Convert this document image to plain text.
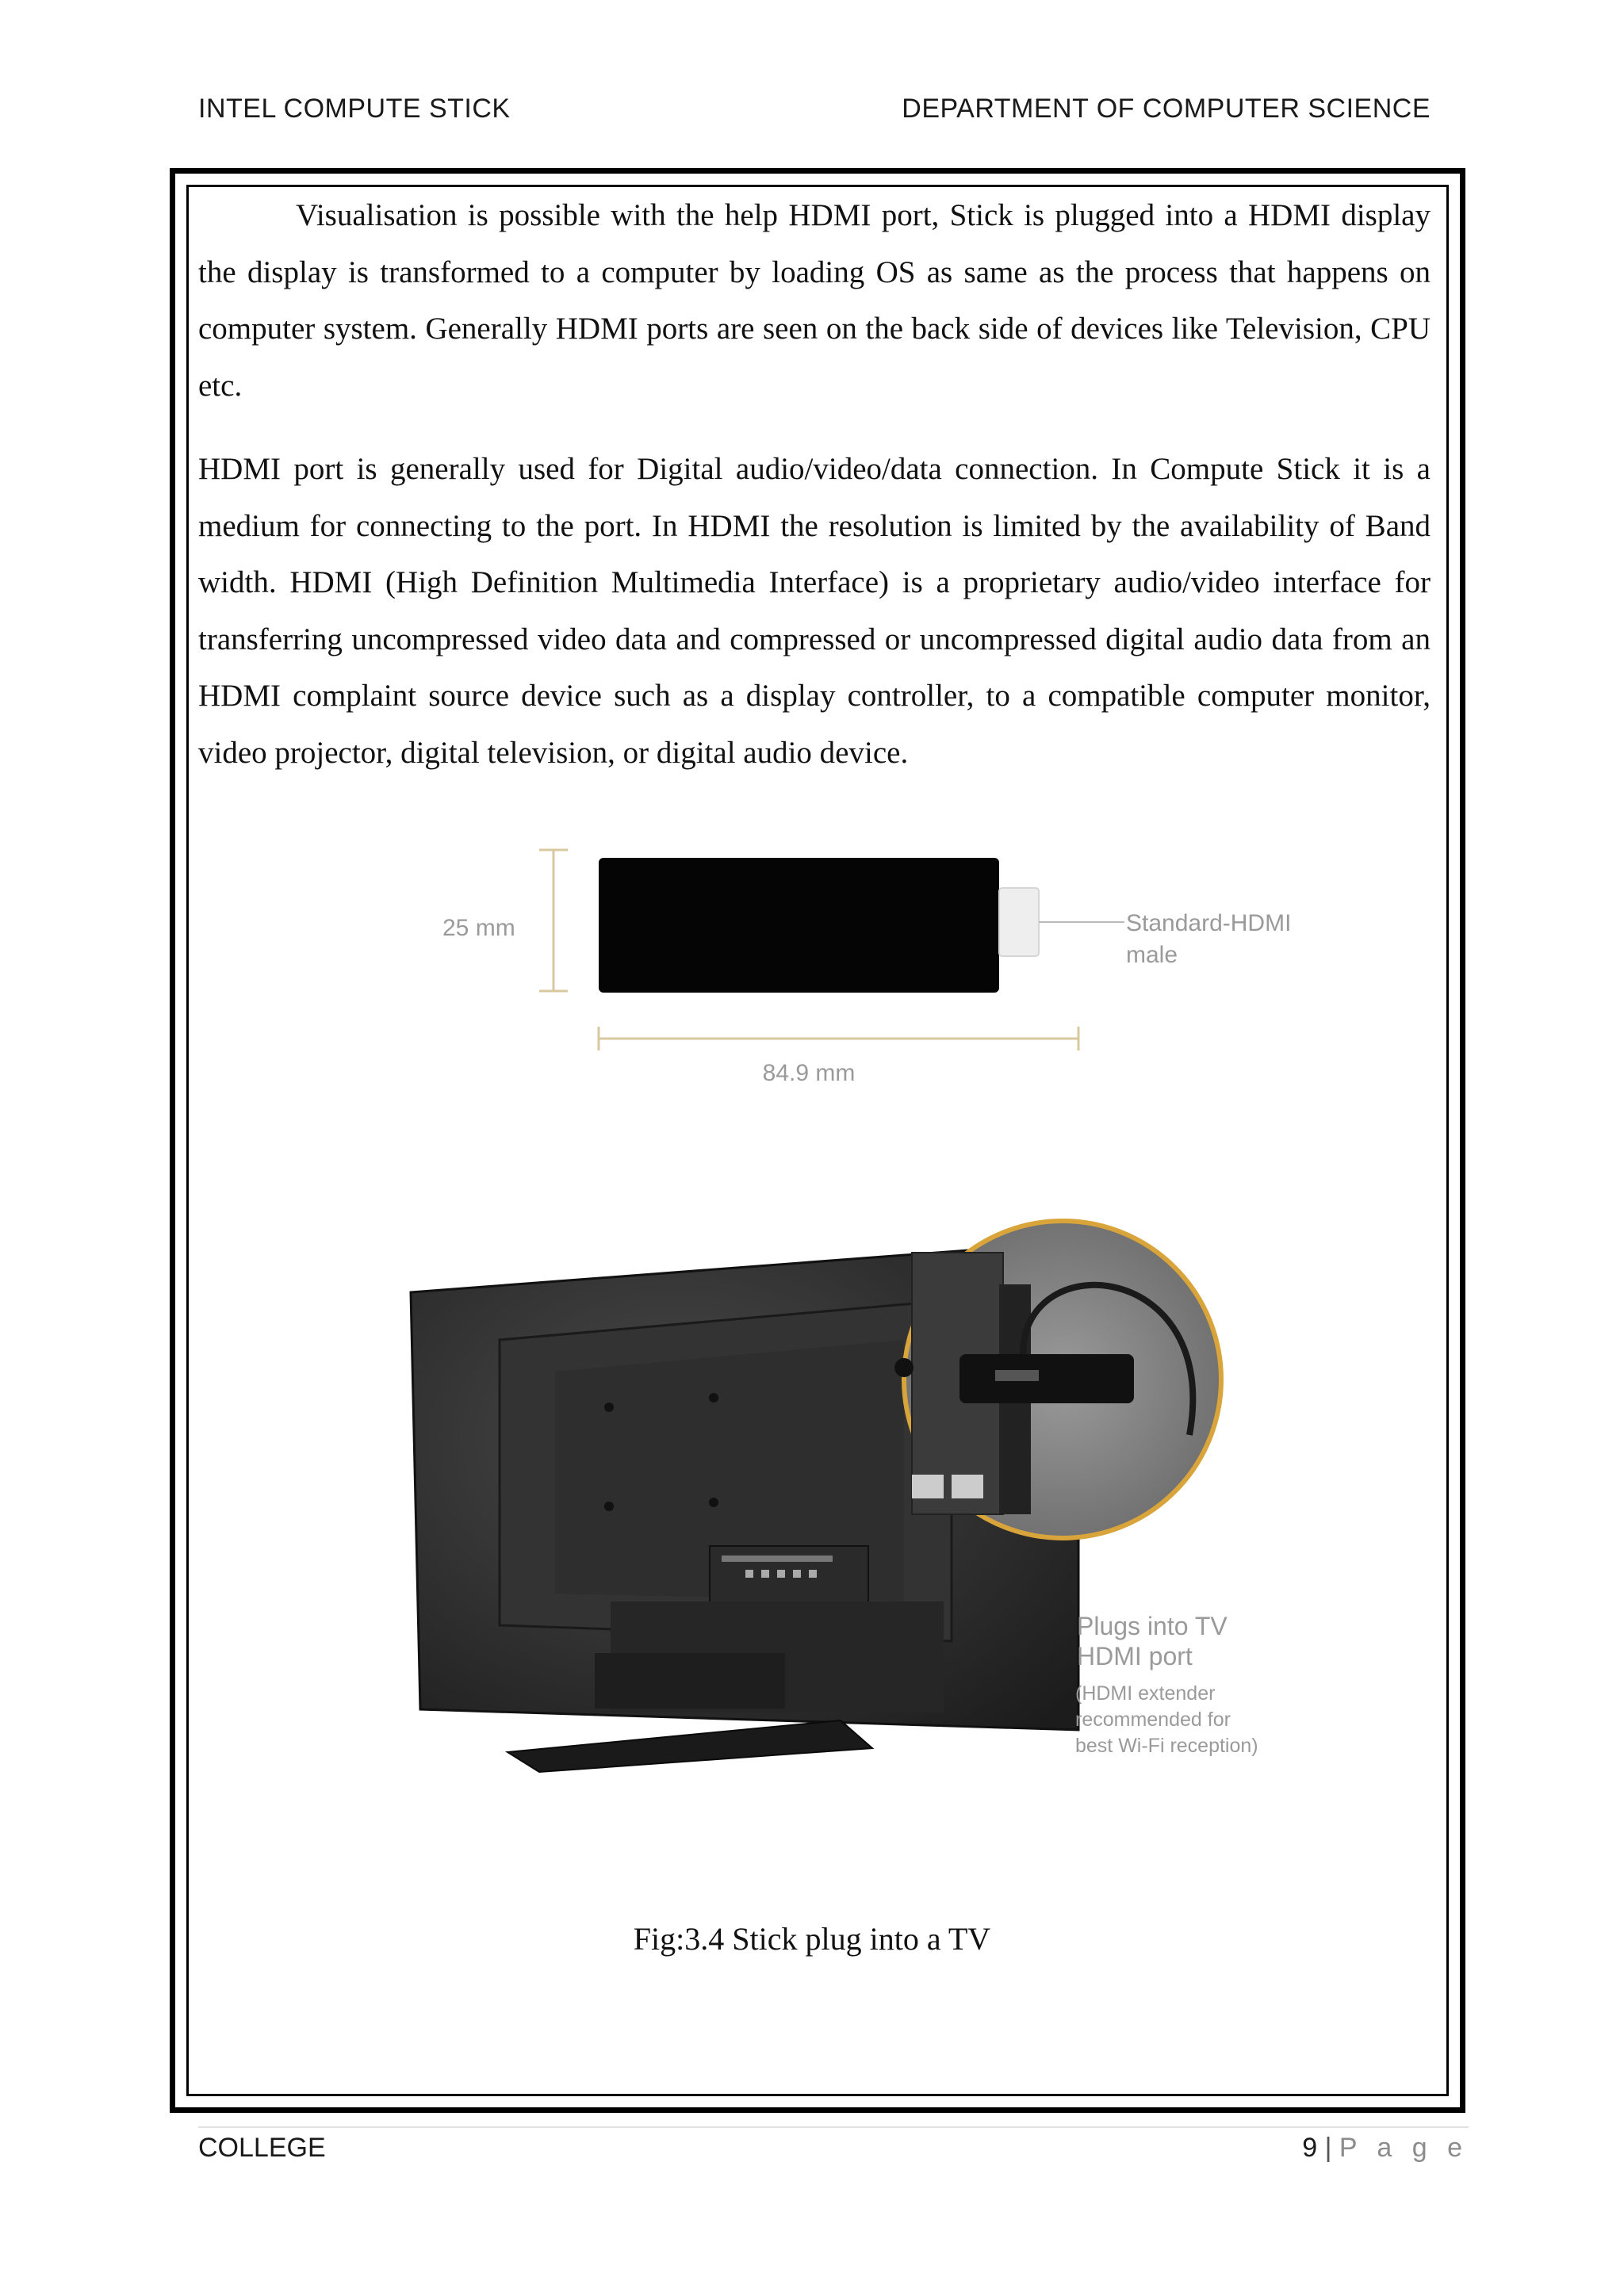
INTEL COMPUTE STICK	DEPARTMENT OF COMPUTER SCIENCE

Visualisation is possible with the help HDMI port, Stick is plugged into a HDMI display the display is transformed to a computer by loading OS as same as the process that happens on computer system. Generally HDMI ports are seen on the back side of devices like Television, CPU etc.

HDMI port is generally used for Digital audio/video/data connection. In Compute Stick it is a medium for connecting to the port. In HDMI the resolution is limited by the availability of Band width. HDMI (High Definition Multimedia Interface) is a proprietary audio/video interface for transferring uncompressed video data and compressed or uncompressed digital audio data from an HDMI complaint source device such as a display controller, to a compatible computer monitor, video projector, digital television, or digital audio device.

25 mm	Standard-HDMI
male
84.9 mm
Plugs into TV
HDMI port
(HDMI extender
recommended for
best Wi-Fi reception)
Fig:3.4 Stick plug into a TV
COLLEGE	9 | P a g e
